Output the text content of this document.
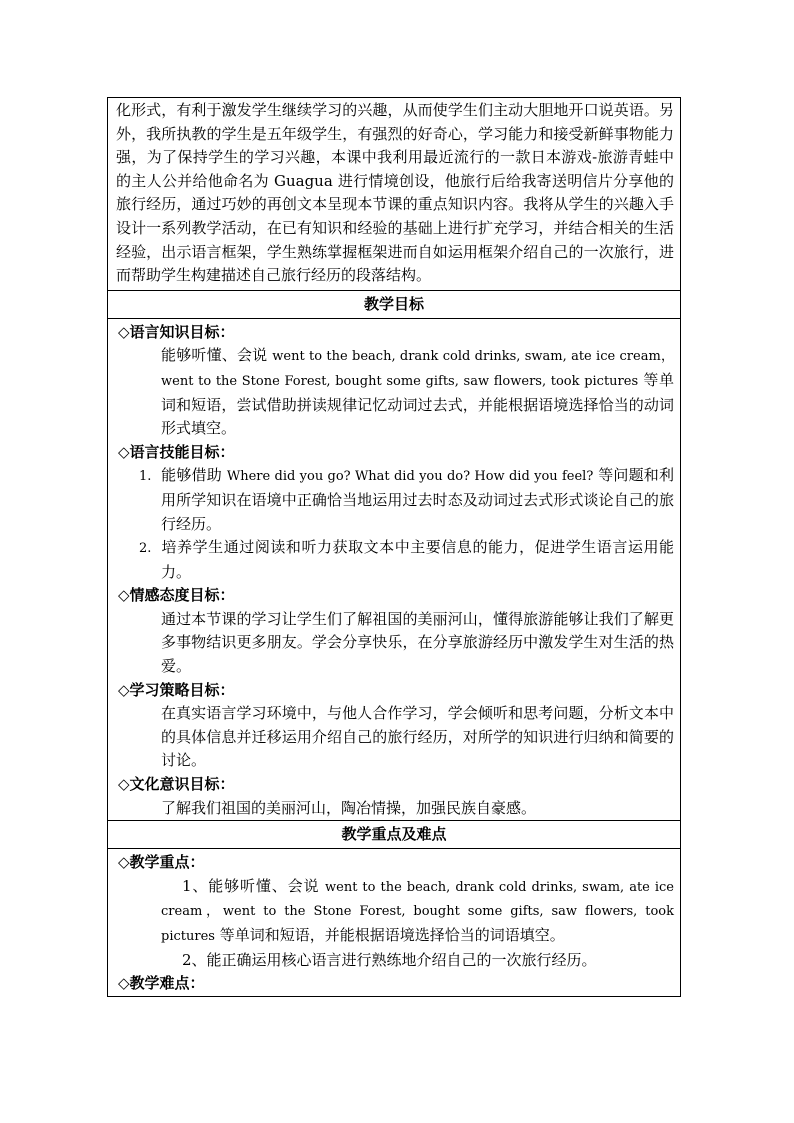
化形式，有利于激发学生继续学习的兴趣，从而使学生们主动大胆地开口说英语。另外，我所执教的学生是五年级学生，有强烈的好奇心，学习能力和接受新鲜事物能力强，为了保持学生的学习兴趣，本课中我利用最近流行的一款日本游戏-旅游青蛙中的主人公并给他命名为 Guagua 进行情境创设，他旅行后给我寄送明信片分享他的旅行经历，通过巧妙的再创文本呈现本节课的重点知识内容。我将从学生的兴趣入手设计一系列教学活动，在已有知识和经验的基础上进行扩充学习，并结合相关的生活经验，出示语言框架，学生熟练掌握框架进而自如运用框架介绍自己的一次旅行，进而帮助学生构建描述自己旅行经历的段落结构。

教学目标

◇语言知识目标：

能够听懂、会说 went to the beach, drank cold drinks, swam, ate ice cream，went to the Stone Forest, bought some gifts, saw flowers, took pictures 等单词和短语，尝试借助拼读规律记忆动词过去式，并能根据语境选择恰当的动词形式填空。

◇语言技能目标：

1. 能够借助 Where did you go? What did you do? How did you feel? 等问题和利用所学知识在语境中正确恰当地运用过去时态及动词过去式形式谈论自己的旅行经历。

2. 培养学生通过阅读和听力获取文本中主要信息的能力，促进学生语言运用能力。

◇情感态度目标：

通过本节课的学习让学生们了解祖国的美丽河山，懂得旅游能够让我们了解更多事物结识更多朋友。学会分享快乐，在分享旅游经历中激发学生对生活的热爱。

◇学习策略目标：

在真实语言学习环境中，与他人合作学习，学会倾听和思考问题，分析文本中的具体信息并迁移运用介绍自己的旅行经历，对所学的知识进行归纳和简要的讨论。

◇文化意识目标：

了解我们祖国的美丽河山，陶冶情操，加强民族自豪感。

教学重点及难点

◇教学重点：

1、能够听懂、会说 went to the beach, drank cold drinks, swam, ate ice cream，went to the Stone Forest, bought some gifts, saw flowers, took pictures 等单词和短语，并能根据语境选择恰当的词语填空。

2、能正确运用核心语言进行熟练地介绍自己的一次旅行经历。

◇教学难点：
